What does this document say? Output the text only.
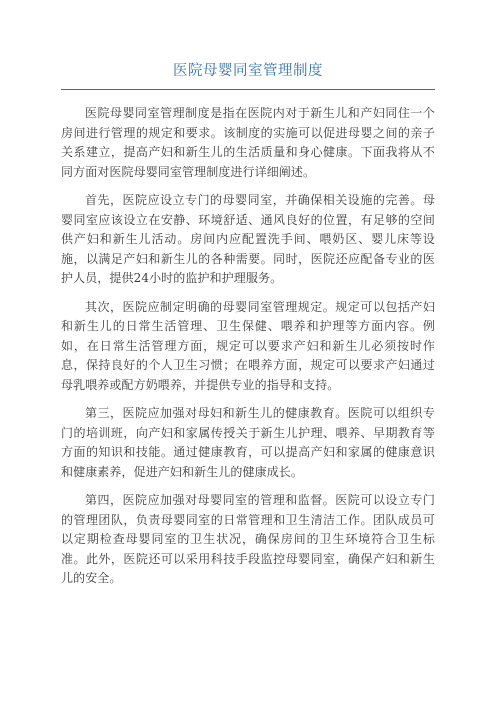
医院母婴同室管理制度

医院母婴同室管理制度是指在医院内对于新生儿和产妇同住一个房间进行管理的规定和要求。该制度的实施可以促进母婴之间的亲子关系建立，提高产妇和新生儿的生活质量和身心健康。下面我将从不同方面对医院母婴同室管理制度进行详细阐述。

首先，医院应设立专门的母婴同室，并确保相关设施的完善。母婴同室应该设立在安静、环境舒适、通风良好的位置，有足够的空间供产妇和新生儿活动。房间内应配置洗手间、喂奶区、婴儿床等设施，以满足产妇和新生儿的各种需要。同时，医院还应配备专业的医护人员，提供24小时的监护和护理服务。

其次，医院应制定明确的母婴同室管理规定。规定可以包括产妇和新生儿的日常生活管理、卫生保健、喂养和护理等方面内容。例如，在日常生活管理方面，规定可以要求产妇和新生儿必须按时作息，保持良好的个人卫生习惯；在喂养方面，规定可以要求产妇通过母乳喂养或配方奶喂养，并提供专业的指导和支持。

第三，医院应加强对母妇和新生儿的健康教育。医院可以组织专门的培训班，向产妇和家属传授关于新生儿护理、喂养、早期教育等方面的知识和技能。通过健康教育，可以提高产妇和家属的健康意识和健康素养，促进产妇和新生儿的健康成长。

第四，医院应加强对母婴同室的管理和监督。医院可以设立专门的管理团队，负责母婴同室的日常管理和卫生清洁工作。团队成员可以定期检查母婴同室的卫生状况，确保房间的卫生环境符合卫生标准。此外，医院还可以采用科技手段监控母婴同室，确保产妇和新生儿的安全。
